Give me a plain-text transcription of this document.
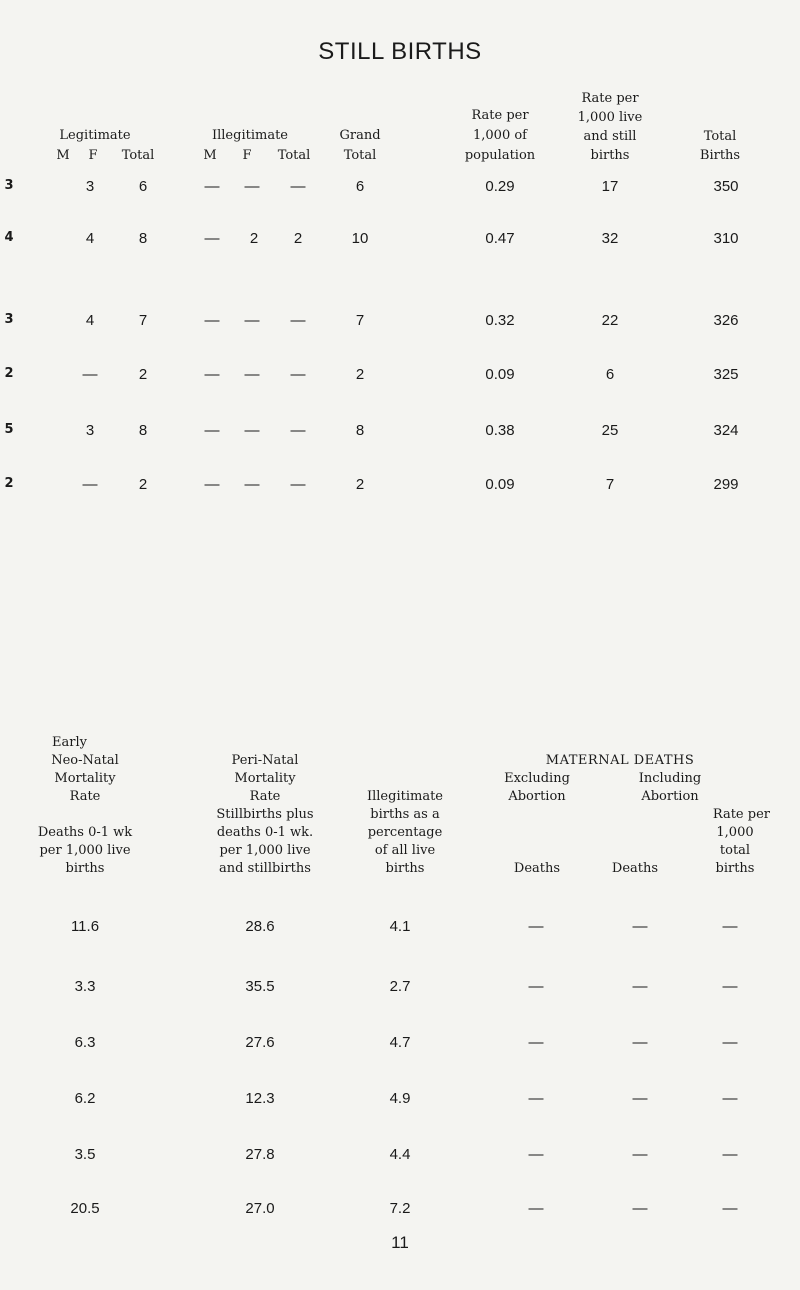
STILL BIRTHS
Legitimate	Illegitimate	Grand
Rate per
1,000 of
population
Rate per
1,000 live
and still
births
Total
Births
M	F	Total	M	F	Total	Total
3	3	6	—	—	—	6	0.29	17	350
4	4	8	—	2	2	10	0.47	32	310
3	4	7	—	—	—	7	0.32	22	326
2	—	2	—	—	—	2	0.09	6	325
5	3	8	—	—	—	8	0.38	25	324
2	—	2	—	—	—	2	0.09	7	299
Early
Neo-Natal
Mortality
Rate
Deaths 0-1 wk
per 1,000 live
births
Peri-Natal
Mortality
Rate
Stillbirths plus
deaths 0-1 wk.
per 1,000 live
and stillbirths
Illegitimate
births as a
percentage
of all live
births
MATERNAL DEATHS
Excluding
Abortion
Deaths
Including
Abortion
Deaths
Rate per
1,000
total
births
11.6	28.6	4.1	—	—	—
3.3	35.5	2.7	—	—	—
6.3	27.6	4.7	—	—	—
6.2	12.3	4.9	—	—	—
3.5	27.8	4.4	—	—	—
20.5	27.0	7.2	—	—	—
11
